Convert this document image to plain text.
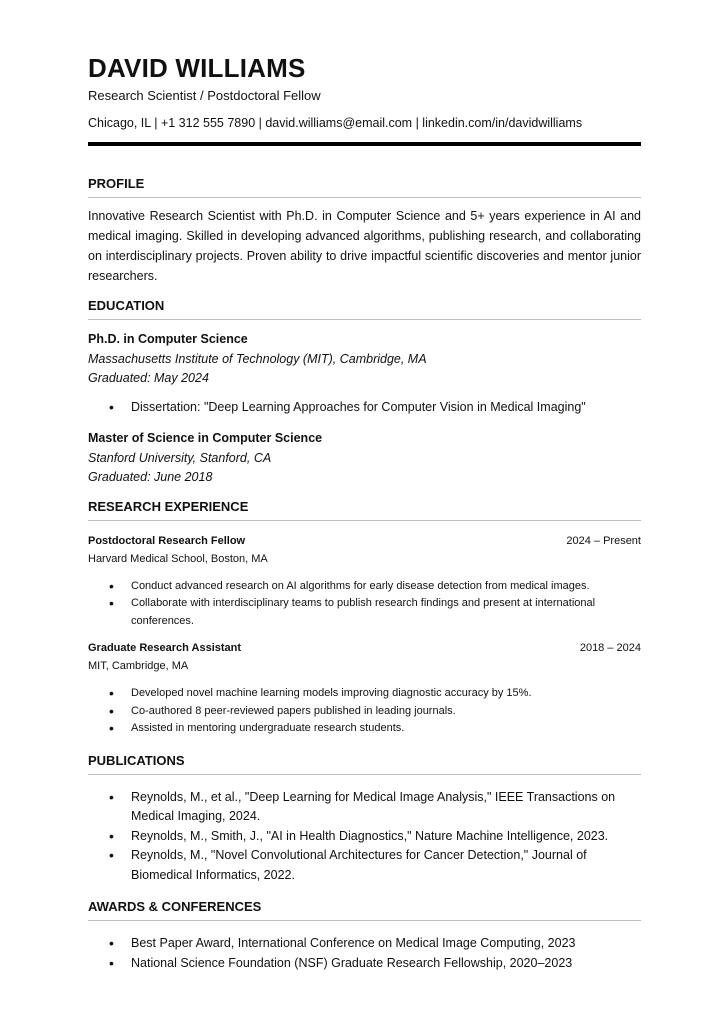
DAVID WILLIAMS
Research Scientist / Postdoctoral Fellow
Chicago, IL | +1 312 555 7890 | david.williams@email.com | linkedin.com/in/davidwilliams
PROFILE
Innovative Research Scientist with Ph.D. in Computer Science and 5+ years experience in AI and medical imaging. Skilled in developing advanced algorithms, publishing research, and collaborating on interdisciplinary projects. Proven ability to drive impactful scientific discoveries and mentor junior researchers.
EDUCATION
Ph.D. in Computer Science
Massachusetts Institute of Technology (MIT), Cambridge, MA
Graduated: May 2024
• Dissertation: "Deep Learning Approaches for Computer Vision in Medical Imaging"
Master of Science in Computer Science
Stanford University, Stanford, CA
Graduated: June 2018
RESEARCH EXPERIENCE
Postdoctoral Research Fellow	2024 – Present
Harvard Medical School, Boston, MA
• Conduct advanced research on AI algorithms for early disease detection from medical images.
• Collaborate with interdisciplinary teams to publish research findings and present at international conferences.
Graduate Research Assistant	2018 – 2024
MIT, Cambridge, MA
• Developed novel machine learning models improving diagnostic accuracy by 15%.
• Co-authored 8 peer-reviewed papers published in leading journals.
• Assisted in mentoring undergraduate research students.
PUBLICATIONS
• Reynolds, M., et al., "Deep Learning for Medical Image Analysis," IEEE Transactions on Medical Imaging, 2024.
• Reynolds, M., Smith, J., "AI in Health Diagnostics," Nature Machine Intelligence, 2023.
• Reynolds, M., "Novel Convolutional Architectures for Cancer Detection," Journal of Biomedical Informatics, 2022.
AWARDS & CONFERENCES
• Best Paper Award, International Conference on Medical Image Computing, 2023
• National Science Foundation (NSF) Graduate Research Fellowship, 2020–2023
